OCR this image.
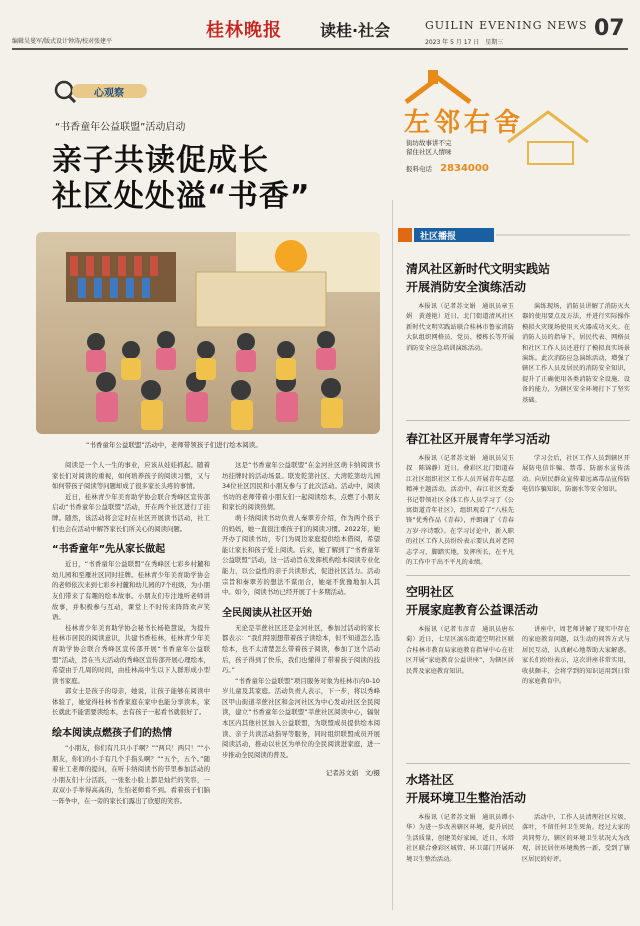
编辑吴曼军/版式设计钟涛/校对张建平
桂林晚报 读桂·社会	GUILIN EVENING NEWS
2023 年 5 月 17 日　星期三
07
心观察
“书香童年公益联盟”活动启动
亲子共读促成长
社区处处溢“书香”
“书香童年公益联盟”活动中，老师带领孩子们进行绘本阅读。

阅读是一个人一生的事业，应该从娃娃抓起。随着家长们对阅读的重视，如何培养孩子的阅读习惯，又与如何带孩子阅读等问题却成了很多家长头疼的事情。

近日，桂林青少年美育助学协会联合秀峰区宣传部启动“书香童年公益联盟”活动，开在两个社区进行了挂牌。随然，该活动将会定时在社区开展读书活动，社工们也会在活动中解答家长们所关心的阅读问题。

“书香童年”先从家长做起

近日，“书香童年公益联盟”在秀峰区七彩乡村麓和幼儿园和至雁社区同时挂牌。桂林青少年美育助学协会的老师依次来到七彩乡村麓和幼儿园的7个班级，为小朋友们带来了有趣的绘本故事。小朋友们专注地听老师讲故事，并积极参与互动，课堂上不时传来阵阵欢声笑语。

桂林青少年美育助学协会秘书长杨艳慧说，为提升桂林市居民的阅读意识，共建书香桂林，桂林青少年美育助学协会联合秀峰区宣传部开展“书香童年公益联盟”活动，旨在当天活动的秀峰区宣传部开展心理绘本，希望由于几周的时间，由桂林高中生以下人群形成小型读书家庭。

郭女士是孩子的母亲，她说，让孩子能够在阅读中体验了，她觉得桂林书香家庭在家中也能分享读本，家长就此不能需要读绘本，去有孩子一起看书就很好了。

绘本阅读点燃孩子们的热情

“小朋友，你们有几只小手啊？”“两只！两只！”“小朋友，你们的小手有几个手指头啊？”“五个，五个。”随着社工老师的提问，在听卡纳阅读书的节里参加活动的小朋友们十分活跃，一张张小脸上都是灿烂的笑容，一双双小手举得高高的，生怕老师看不到。看着孩子们脑一阵争中，在一旁的家长们露出了欣慰的笑容。

这是“书香童年公益联盟”在金河社区萌卡纳阅读书坊挂牌时的活动场景。联发乾第社区、大湾乾第幼儿园34位社区因民和小朋友参与了此次活动。活动中，阅读书坊的老师带着小朋友们一起阅读绘本，点燃了小朋友和家长的阅读热情。

萌卡纳阅读书坊负责人秦翠芳介绍，作为两个孩子的妈妈，她一直很注重孩子们的阅读习惯。2022年，她开办了阅读书坊，专门为周边家庭提供绘本借阅，希望能让家长和孩子爱上阅读。后来，她了解到了“书香童年公益联盟”活动，这一活动旨在发挥机构绘本阅读专业化能力，以公益性的亲子共读形式，促进社区活力。活动宗旨和秦翠芳的想法不谋而合，她毫不犹豫地加入其中。如今，阅读书坊已经开展了十多期活动。

全民阅读从社区开始

无论是莘蔗社区还是金河社区，参加过活动的家长都表示：“我们特别想带着孩子读绘本，但不知道怎么选绘本，也不太清楚怎么带着孩子阅读，参加了这个活动后，孩子得到了快乐，我们也懂得了带着孩子阅读的技巧。”

“书香童年公益联盟”项目服务对象为桂林市内0-10岁儿童及其家庭。活动负责人表示，下一步，将以秀峰区甲山街道莘蔗社区和金河社区为中心发动社区全民阅读，建立“书香童年公益联盟”莘蔗社区阅读中心，辐射本区内其他社区加入公益联盟，为联盟成员提供绘本阅读、亲子共读活动指导等服务，同时组织联盟成员开展阅读活动，推动以社区为单位的全民阅读进家庭，进一步推动全民阅读的普及。

记者苏文娟　文/摄
左邻右舍
街坊故事讲不完
留住社区人情味
报料电话 2834000
社区播报
清风社区新时代文明实践站
开展消防安全演练活动

本报讯（记者苏文娟　通讯员章玉娟　黄莲艳）近日，北门街道清风社区新时代文明实践站联合桂林市鲁家消防大队组织网格员、党员、楼栋长等开展消防安全应急培训演练活动。

演练现场，消防员讲解了消防灭火器的使用要点及方法，并进行实际操作模拟火灾现场使用灭火器成功灭火。在消防人员的指导下，居民代表、网格员和社区工作人员还进行了模拟真实场景演练。此次消防应急演练活动，增强了辖区工作人员及居民的消防安全知识，提升了正确使用各类消防安全设施、设备的能力，为辖区安全环境打下了坚实基础。

春江社区开展青年学习活动

本报讯（记者苏文娟　通讯员吴玉叔　陈锦静）近日，叠彩区北门街道春江社区组织社区工作人员开展青年志愿精神主题活动。活动中，春江社区党委书记带领社区全体工作人员学习了《公寓街道青年社区》，组织观看了“八桂先锋”优秀作品《青春》，并朗诵了《青春万岁·序诗歌》。在学习讨论中，新入职的社区工作人员纷纷表示要认真对老同志学习，脚踏实地，发挥所长，在平凡的工作中干出不平凡的业绩。

学习会后，社区工作人员到辖区开展防电信诈骗、禁毒、防溺水宣传活动。向居民群众宣传着远离毒品宣传防电信诈骗知识，防溺水等安全知识。

空明社区
开展家庭教育公益课活动

本报讯（记者韦彦青　通讯员唐东菊）近日，七星区漓东街道空明社区联合桂林市教育局家庭教育指导中心在社区开展“家庭教育公益讲座”，为辖区居民普及家庭教育知识。

讲座中，周老师讲解了现实中存在的家庭教育问题，以生动的问答方式与居民互动，认真耐心地帮助大家解惑。家长们纷纷表示，这次讲座非常实用，收获颇丰，会将学到的知识运用到日常的家庭教育中。

水塔社区
开展环境卫生整治活动

本报讯（记者苏文娟　通讯员谭小华）为进一步改善辖区环境，提升居民生活质量，创建美好家园，近日，水塔社区联合叠彩区城管、环卫部门开展环境卫生整治活动。

活动中，工作人员清理社区垃圾、落叶，不留任何卫生死角。经过大家的共同努力，辖区的环境卫生状况大为改观，居民居住环境焕然一新，受到了辖区居民的好评。
